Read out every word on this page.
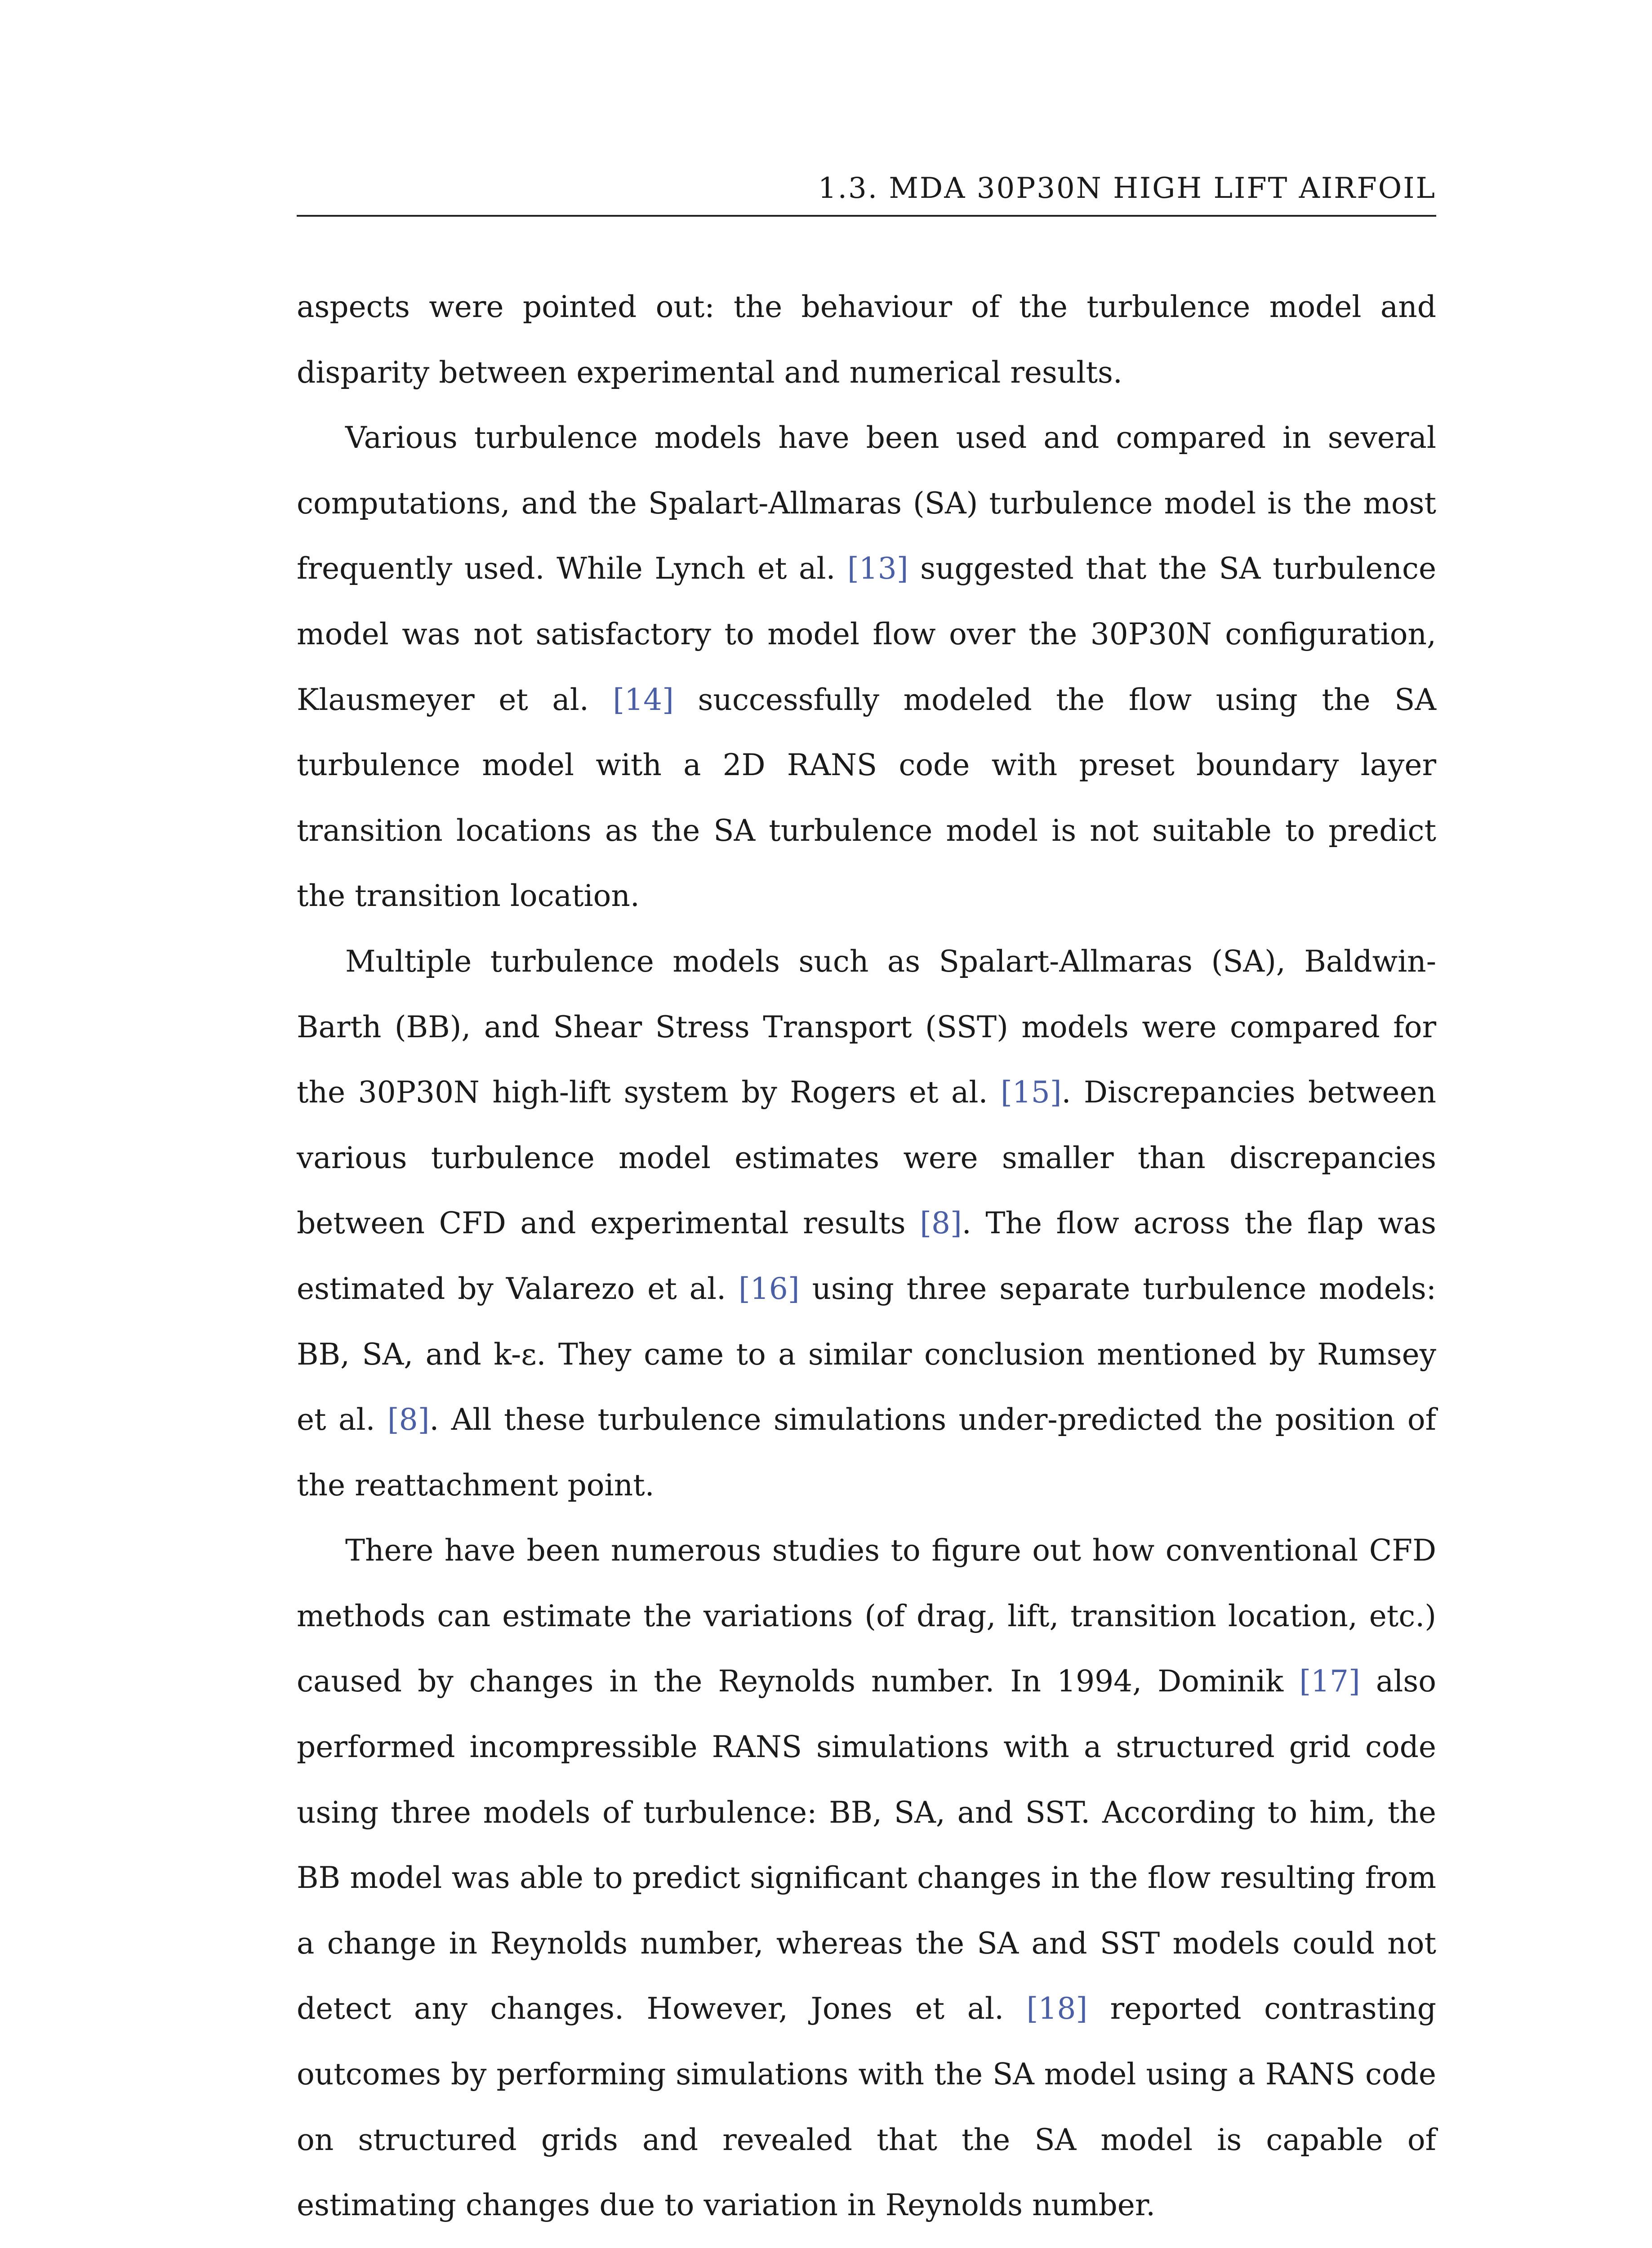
1.3. MDA 30P30N HIGH LIFT AIRFOIL

aspects were pointed out: the behaviour of the turbulence model and disparity between experimental and numerical results.

Various turbulence models have been used and compared in several computations, and the Spalart-Allmaras (SA) turbulence model is the most frequently used. While Lynch et al. [13] suggested that the SA turbulence model was not satisfactory to model flow over the 30P30N configuration, Klausmeyer et al. [14] successfully modeled the flow using the SA turbulence model with a 2D RANS code with preset boundary layer transition locations as the SA turbulence model is not suitable to predict the transition location.

Multiple turbulence models such as Spalart-Allmaras (SA), Baldwin-Barth (BB), and Shear Stress Transport (SST) models were compared for the 30P30N high-lift system by Rogers et al. [15]. Discrepancies between various turbulence model estimates were smaller than discrepancies between CFD and experimental results [8]. The flow across the flap was estimated by Valarezo et al. [16] using three separate turbulence models: BB, SA, and k-ε. They came to a similar conclusion mentioned by Rumsey et al. [8]. All these turbulence simulations under-predicted the position of the reattachment point.

There have been numerous studies to figure out how conventional CFD methods can estimate the variations (of drag, lift, transition location, etc.) caused by changes in the Reynolds number. In 1994, Dominik [17] also performed incompressible RANS simulations with a structured grid code using three models of turbulence: BB, SA, and SST. According to him, the BB model was able to predict significant changes in the flow resulting from a change in Reynolds number, whereas the SA and SST models could not detect any changes. However, Jones et al. [18] reported contrasting outcomes by performing simulations with the SA model using a RANS code on structured grids and revealed that the SA model is capable of estimating changes due to variation in Reynolds number.
